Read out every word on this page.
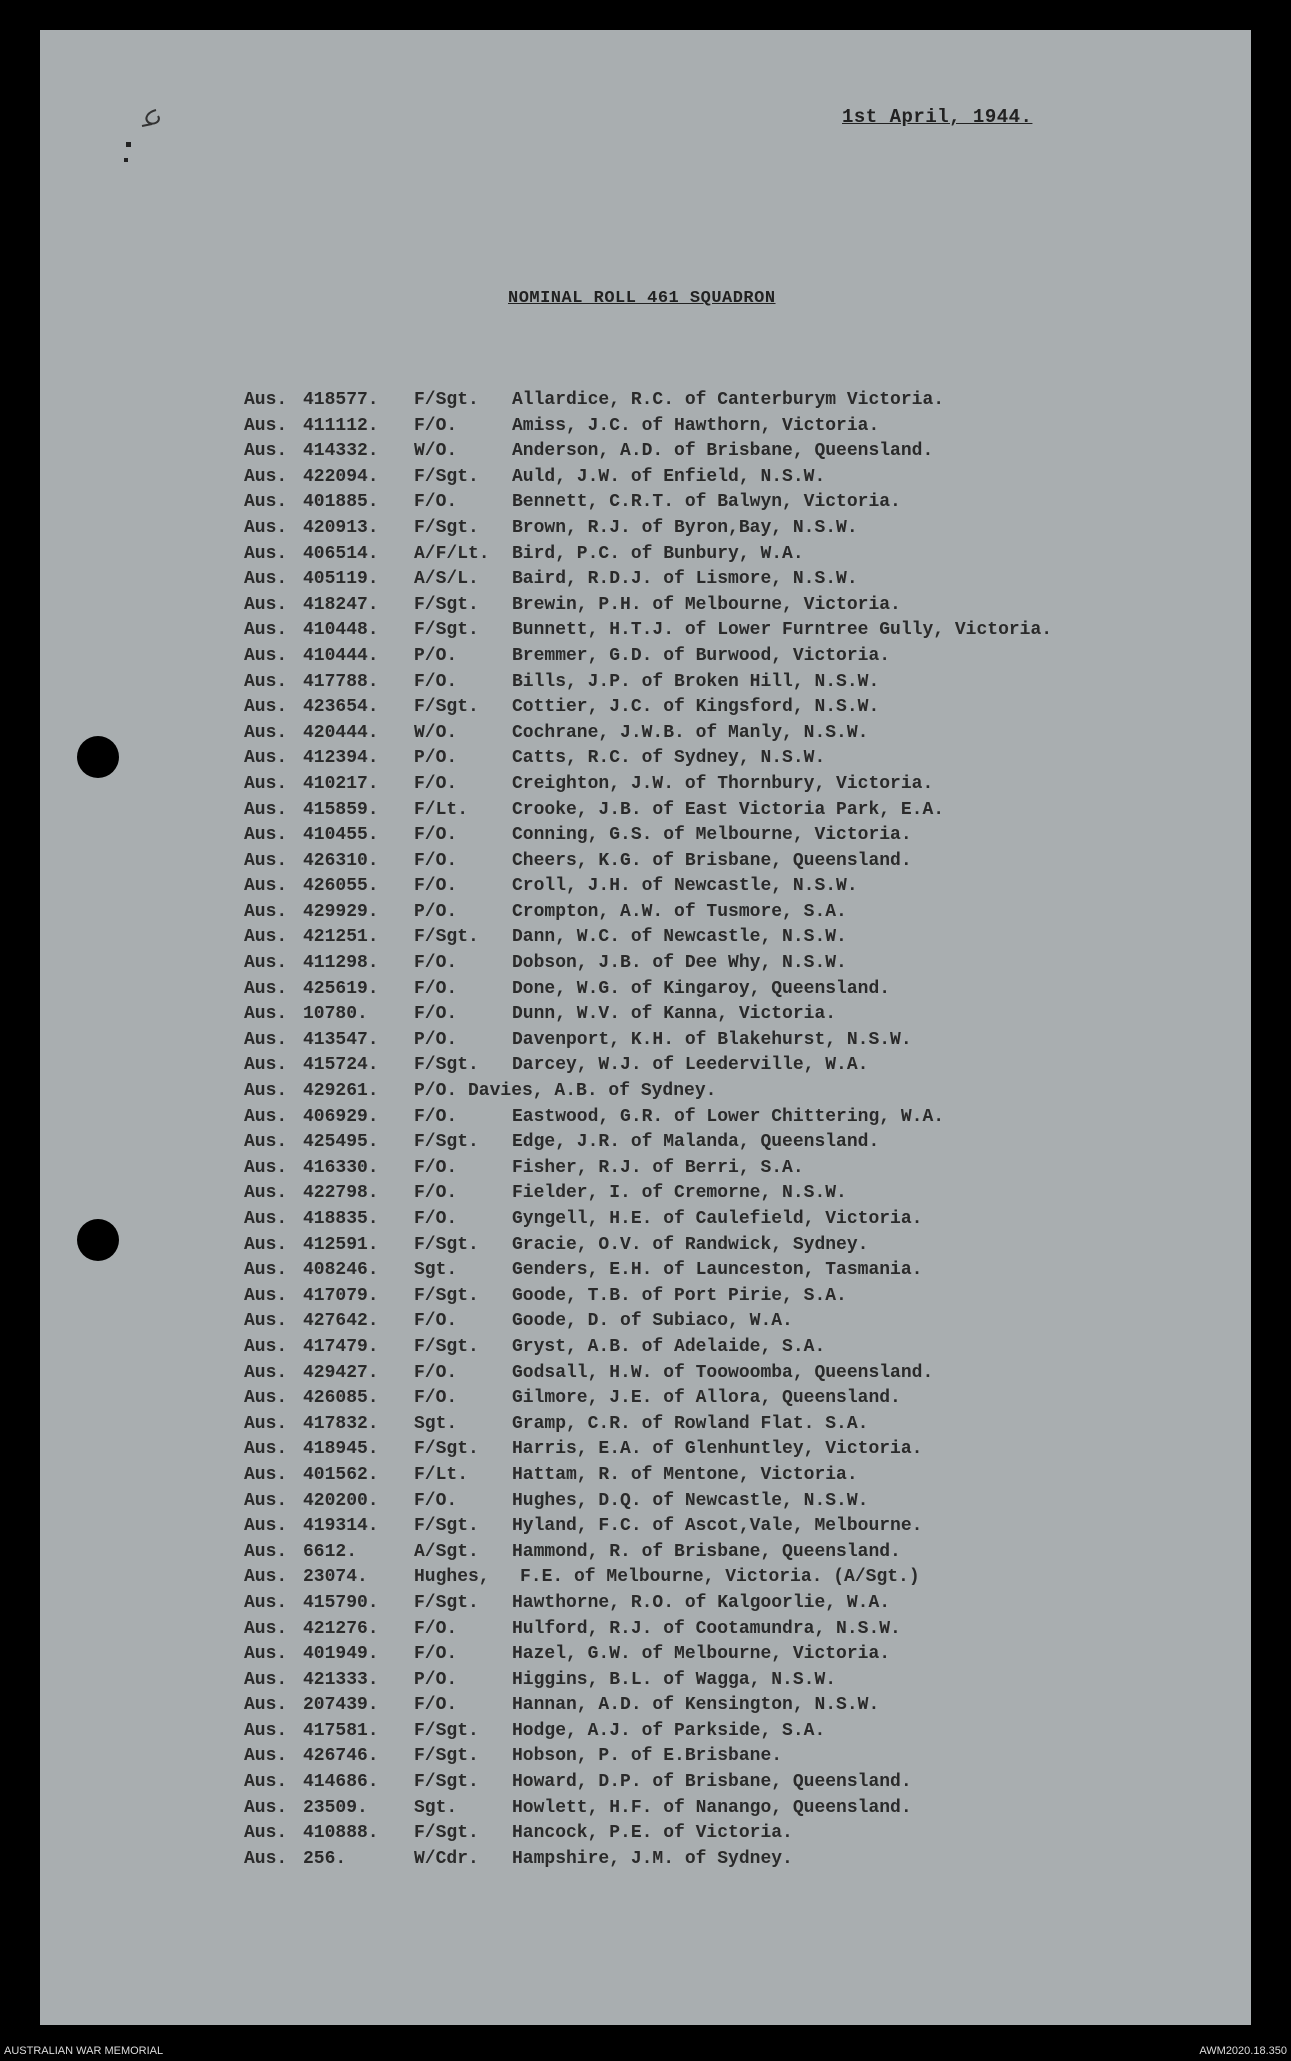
1st April, 1944.
NOMINAL ROLL 461 SQUADRON
Aus. 418577. F/Sgt. Allardice, R.C. of Canterburym Victoria.
Aus. 411112. F/O.	Amiss, J.C. of Hawthorn, Victoria.
Aus. 414332. W/O.	Anderson, A.D. of Brisbane, Queensland.
Aus. 422094. F/Sgt. Auld, J.W. of Enfield, N.S.W.
Aus. 401885. F/O.	Bennett, C.R.T. of Balwyn, Victoria.
Aus. 420913. F/Sgt. Brown, R.J. of Byron,Bay, N.S.W.
Aus. 406514. A/F/Lt. Bird, P.C. of Bunbury, W.A.
Aus. 405119. A/S/L. Baird, R.D.J. of Lismore, N.S.W.
Aus. 418247. F/Sgt. Brewin, P.H. of Melbourne, Victoria.
Aus. 410448. F/Sgt. Bunnett, H.T.J. of Lower Furntree Gully, Victoria.
Aus. 410444. P/O.	Bremmer, G.D. of Burwood, Victoria.
Aus. 417788. F/O.	Bills, J.P. of Broken Hill, N.S.W.
Aus. 423654. F/Sgt. Cottier, J.C. of Kingsford, N.S.W.
Aus. 420444. W/O.	Cochrane, J.W.B. of Manly, N.S.W.
Aus. 412394. P/O.	Catts, R.C. of Sydney, N.S.W.
Aus. 410217. F/O.	Creighton, J.W. of Thornbury, Victoria.
Aus. 415859. F/Lt. Crooke, J.B. of East Victoria Park, E.A.
Aus. 410455. F/O.	Conning, G.S. of Melbourne, Victoria.
Aus. 426310. F/O.	Cheers, K.G. of Brisbane, Queensland.
Aus. 426055. F/O.	Croll, J.H. of Newcastle, N.S.W.
Aus. 429929. P/O.	Crompton, A.W. of Tusmore, S.A.
Aus. 421251. F/Sgt. Dann, W.C. of Newcastle, N.S.W.
Aus. 411298. F/O.	Dobson, J.B. of Dee Why, N.S.W.
Aus. 425619. F/O.	Done, W.G. of Kingaroy, Queensland.
Aus. 10780.	F/O.	Dunn, W.V. of Kanna, Victoria.
Aus. 413547. P/O.	Davenport, K.H. of Blakehurst, N.S.W.
Aus. 415724. F/Sgt. Darcey, W.J. of Leederville, W.A.
Aus. 429261. P/O. Davies, A.B. of Sydney.
Aus. 406929. F/O.	Eastwood, G.R. of Lower Chittering, W.A.
Aus. 425495. F/Sgt. Edge, J.R. of Malanda, Queensland.
Aus. 416330. F/O.	Fisher, R.J. of Berri, S.A.
Aus. 422798. F/O.	Fielder, I. of Cremorne, N.S.W.
Aus. 418835. F/O.	Gyngell, H.E. of Caulefield, Victoria.
Aus. 412591. F/Sgt. Gracie, O.V. of Randwick, Sydney.
Aus. 408246. Sgt.	Genders, E.H. of Launceston, Tasmania.
Aus. 417079. F/Sgt. Goode, T.B. of Port Pirie, S.A.
Aus. 427642. F/O.	Goode, D. of Subiaco, W.A.
Aus. 417479. F/Sgt. Gryst, A.B. of Adelaide, S.A.
Aus. 429427. F/O.	Godsall, H.W. of Toowoomba, Queensland.
Aus. 426085. F/O.	Gilmore, J.E. of Allora, Queensland.
Aus. 417832. Sgt.	Gramp, C.R. of Rowland Flat. S.A.
Aus. 418945. F/Sgt. Harris, E.A. of Glenhuntley, Victoria.
Aus. 401562. F/Lt. Hattam, R. of Mentone, Victoria.
Aus. 420200. F/O.	Hughes, D.Q. of Newcastle, N.S.W.
Aus. 419314. F/Sgt. Hyland, F.C. of Ascot,Vale, Melbourne.
Aus. 6612.	A/Sgt. Hammond, R. of Brisbane, Queensland.
Aus. 23074.	Hughes, F.E. of Melbourne, Victoria. (A/Sgt.)
Aus. 415790. F/Sgt. Hawthorne, R.O. of Kalgoorlie, W.A.
Aus. 421276. F/O.	Hulford, R.J. of Cootamundra, N.S.W.
Aus. 401949. F/O.	Hazel, G.W. of Melbourne, Victoria.
Aus. 421333. P/O.	Higgins, B.L. of Wagga, N.S.W.
Aus. 207439. F/O.	Hannan, A.D. of Kensington, N.S.W.
Aus. 417581. F/Sgt. Hodge, A.J. of Parkside, S.A.
Aus. 426746. F/Sgt. Hobson, P. of E.Brisbane.
Aus. 414686. F/Sgt. Howard, D.P. of Brisbane, Queensland.
Aus. 23509.	Sgt.	Howlett, H.F. of Nanango, Queensland.
Aus. 410888. F/Sgt. Hancock, P.E. of Victoria.
Aus. 256.	W/Cdr. Hampshire, J.M. of Sydney.
AUSTRALIAN WAR MEMORIAL	AWM2020.18.350
